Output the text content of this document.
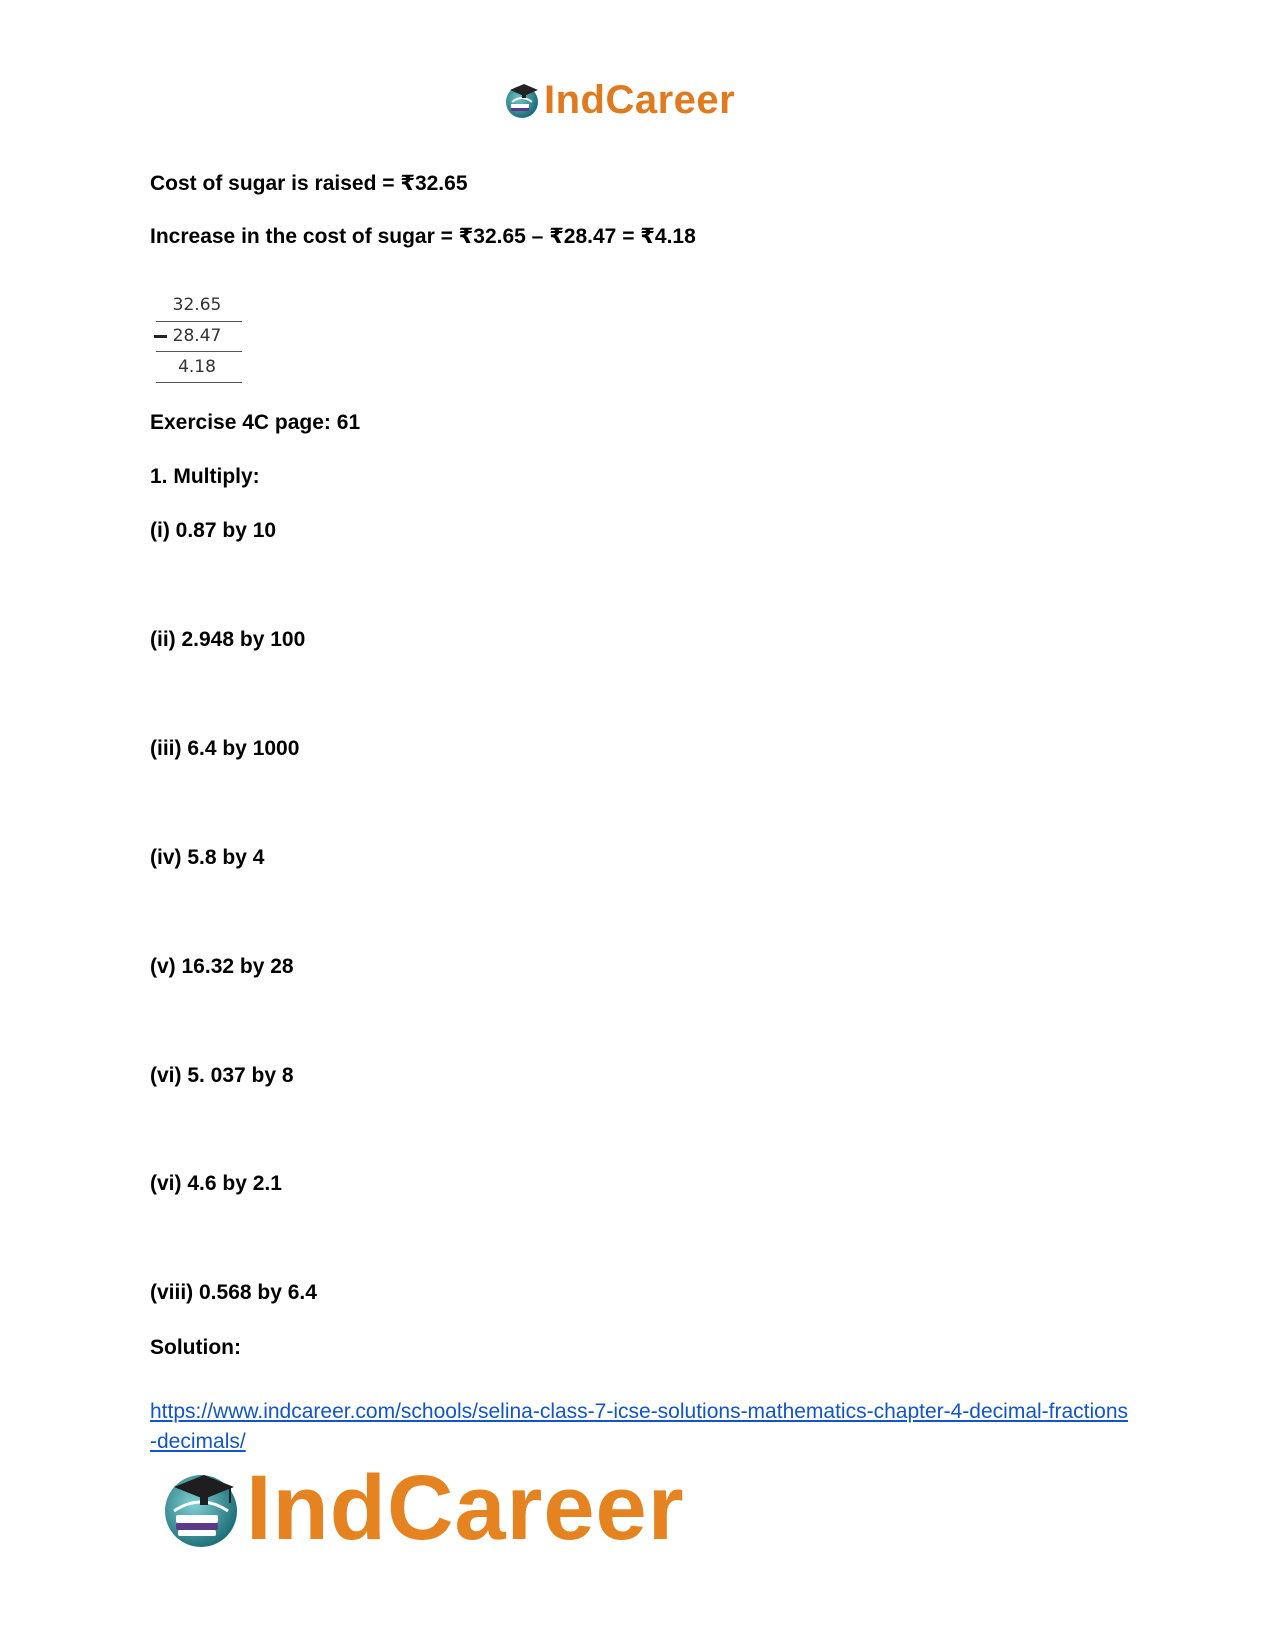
IndCareer
Cost of sugar is raised = ₹32.65
Increase in the cost of sugar = ₹32.65 – ₹28.47 = ₹4.18
32.65
28.47
4.18
Exercise 4C page: 61
1. Multiply:
(i) 0.87 by 10
(ii) 2.948 by 100
(iii) 6.4 by 1000
(iv) 5.8 by 4
(v) 16.32 by 28
(vi) 5. 037 by 8
(vi) 4.6 by 2.1
(viii) 0.568 by 6.4
Solution:
https://www.indcareer.com/schools/selina-class-7-icse-solutions-mathematics-chapter-4-decimal-fractions-decimals/
IndCareer
